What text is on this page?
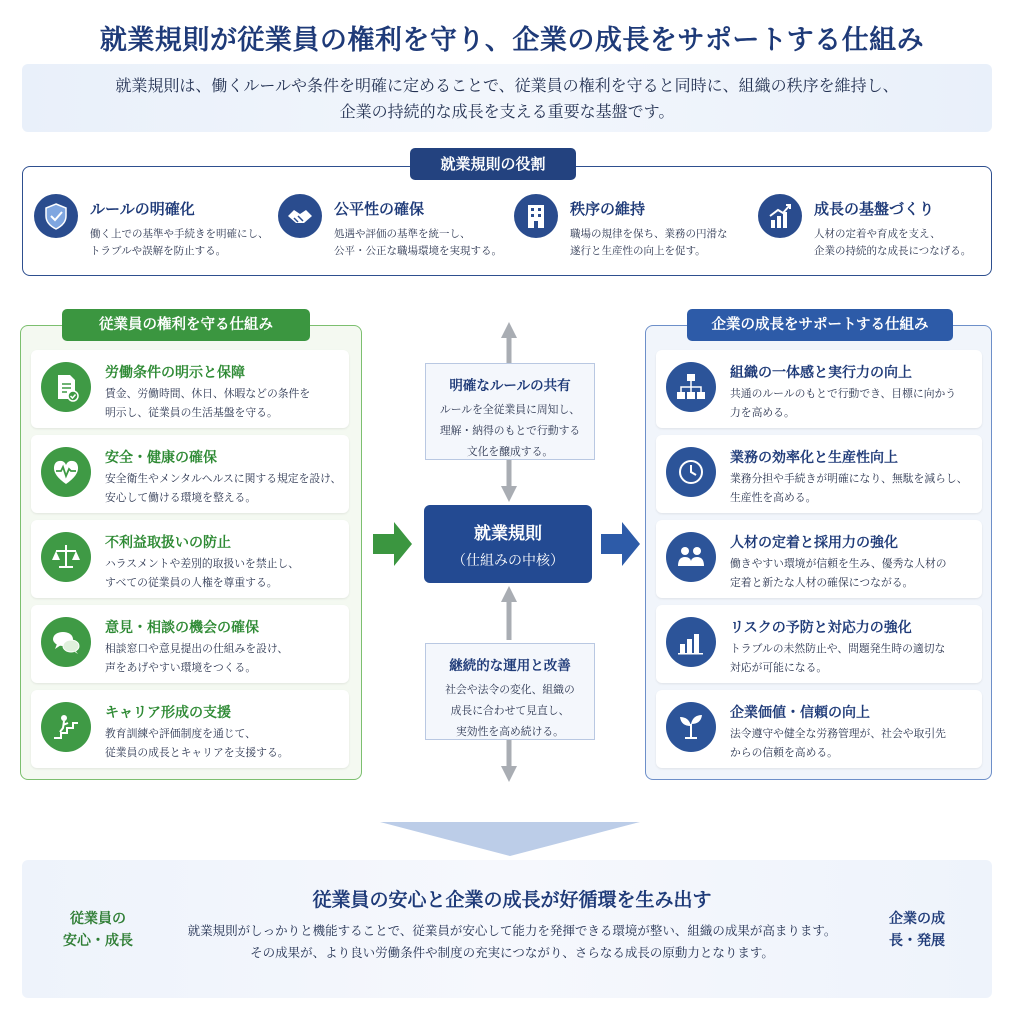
就業規則が従業員の権利を守り、企業の成長をサポートする仕組み
就業規則は、働くルールや条件を明確に定めることで、従業員の権利を守ると同時に、組織の秩序を維持し、
企業の持続的な成長を支える重要な基盤です。
就業規則の役割
ルールの明確化
働く上での基準や手続きを明確にし、
トラブルや誤解を防止する。
公平性の確保
処遇や評価の基準を統一し、
公平・公正な職場環境を実現する。
秩序の維持
職場の規律を保ち、業務の円滑な
遂行と生産性の向上を促す。
成長の基盤づくり
人材の定着や育成を支え、
企業の持続的な成長につなげる。
従業員の権利を守る仕組み
労働条件の明示と保障
賃金、労働時間、休日、休暇などの条件を
明示し、従業員の生活基盤を守る。
安全・健康の確保
安全衛生やメンタルヘルスに関する規定を設け、
安心して働ける環境を整える。
不利益取扱いの防止
ハラスメントや差別的取扱いを禁止し、
すべての従業員の人権を尊重する。
意見・相談の機会の確保
相談窓口や意見提出の仕組みを設け、
声をあげやすい環境をつくる。
キャリア形成の支援
教育訓練や評価制度を通じて、
従業員の成長とキャリアを支援する。
企業の成長をサポートする仕組み
組織の一体感と実行力の向上
共通のルールのもとで行動でき、目標に向かう
力を高める。
業務の効率化と生産性向上
業務分担や手続きが明確になり、無駄を減らし、
生産性を高める。
人材の定着と採用力の強化
働きやすい環境が信頼を生み、優秀な人材の
定着と新たな人材の確保につながる。
リスクの予防と対応力の強化
トラブルの未然防止や、問題発生時の適切な
対応が可能になる。
企業価値・信頼の向上
法令遵守や健全な労務管理が、社会や取引先
からの信頼を高める。
明確なルールの共有
ルールを全従業員に周知し、
理解・納得のもとで行動する
文化を醸成する。
就業規則
（仕組みの中核）
継続的な運用と改善
社会や法令の変化、組織の
成長に合わせて見直し、
実効性を高め続ける。
従業員の安心と企業の成長が好循環を生み出す
就業規則がしっかりと機能することで、従業員が安心して能力を発揮できる環境が整い、組織の成果が高まります。
その成果が、より良い労働条件や制度の充実につながり、さらなる成長の原動力となります。
従業員の
安心・成長
企業の成
長・発展
